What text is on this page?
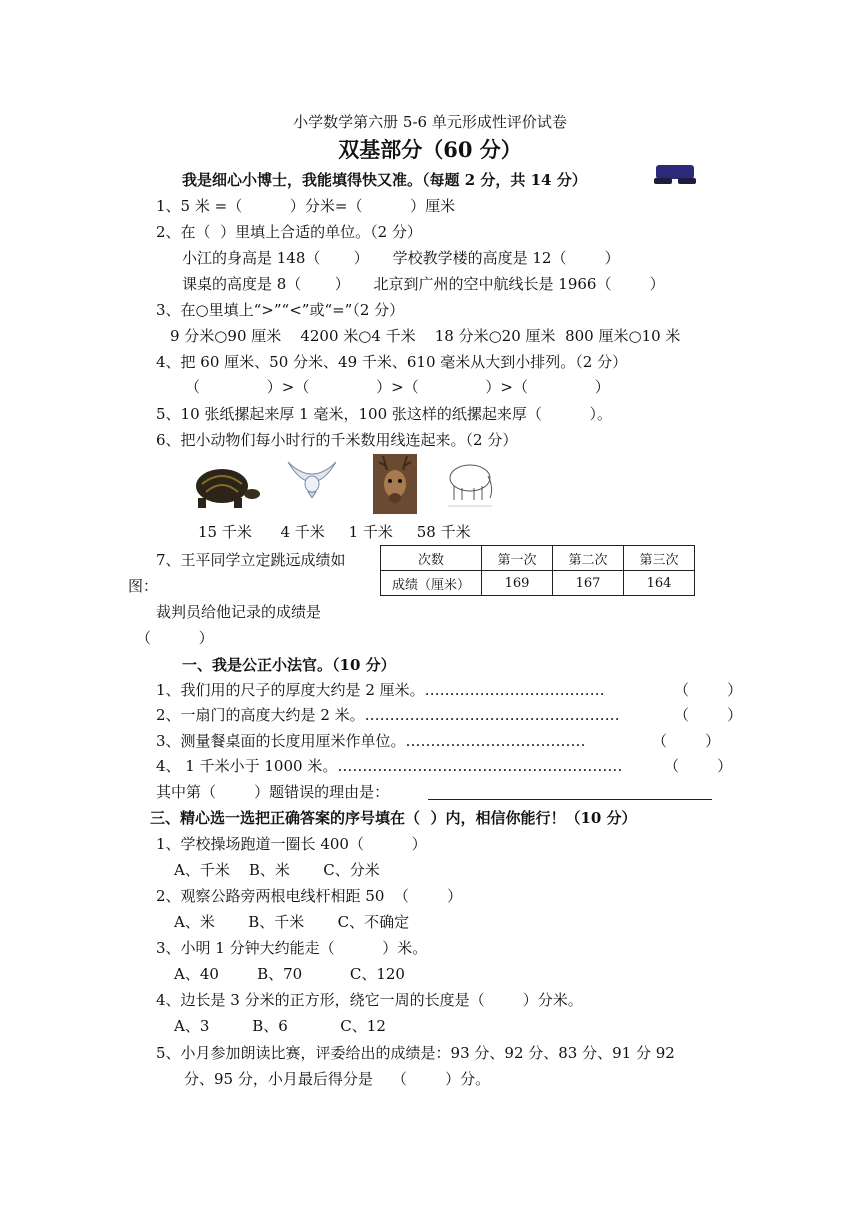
小学数学第六册 5-6 单元形成性评价试卷
双基部分（60 分）
我是细心小博士，我能填得快又准。（每题 2 分，共 14 分）
1、5 米 =（          ）分米=（          ）厘米
2、在（  ）里填上合适的单位。（2 分）
小江的身高是 148（       ）     学校教学楼的高度是 12（        ）
课桌的高度是 8（       ）     北京到广州的空中航线长是 1966（        ）
3、在○里填上“>”“<”或“=”（2 分）
9 分米○90 厘米    4200 米○4 千米    18 分米○20 厘米  800 厘米○10 米
4、把 60 厘米、50 分米、49 千米、610 毫米从大到小排列。（2 分）
（              ）>（              ）>（              ）>（              ）
5、10 张纸摞起来厚 1 毫米，100 张这样的纸摞起来厚（          ）。
6、把小动物们每小时行的千米数用线连起来。（2 分）
15 千米      4 千米     1 千米     58 千米
7、王平同学立定跳远成绩如
图：
次数	第一次	第二次	第三次
成绩（厘米）	169	167	164
裁判员给他记录的成绩是
（          ）
一、我是公正小法官。（10 分）
1、我们用的尺子的厚度大约是 2 厘米。………………………………	（        ）
2、一扇门的高度大约是 2 米。……………………………………………	（        ）
3、测量餐桌面的长度用厘米作单位。………………………………	（        ）
4、 1 千米小于 1000 米。…………………………………………………	（        ）
其中第（        ）题错误的理由是：
三、精心选一选把正确答案的序号填在（  ）内，相信你能行！（10 分）
1、学校操场跑道一圈长 400（          ）
A、千米    B、米       C、分米
2、观察公路旁两根电线杆相距 50  （        ）
A、米       B、千米       C、不确定
3、小明 1 分钟大约能走（          ）米。
A、40        B、70          C、120
4、边长是 3 分米的正方形，绕它一周的长度是（        ）分米。
A、3         B、6           C、12
5、小月参加朗读比赛，评委给出的成绩是：93 分、92 分、83 分、91 分 92
分、95 分，小月最后得分是    （        ）分。
